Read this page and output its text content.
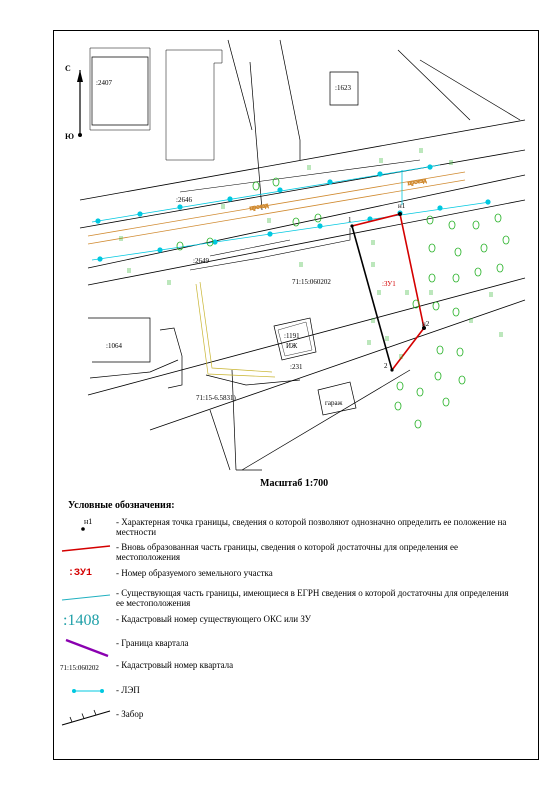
С
Ю
проезд
проезд
:2407
:1623
:2646
:2649
71:15:060202
:1191
ИЖ
:1064
:231
71:15-6.5831)
гараж
:ЗУ1
н1
1
2
н2
Масштаб 1:700
Условные обозначения:
н1	- Характерная точка границы, сведения о которой позволяют однозначно определить ее положение на местности
- Вновь образованная часть границы, сведения о которой достаточны для определения ее местоположения
:ЗУ1	- Номер образуемого земельного участка
- Существующая часть границы, имеющиеся в ЕГРН сведения о которой достаточны для определения ее местоположения
:1408 - Кадастровый номер существующего ОКС или ЗУ
- Граница квартала
71:15:060202 - Кадастровый номер квартала
- ЛЭП
- Забор
